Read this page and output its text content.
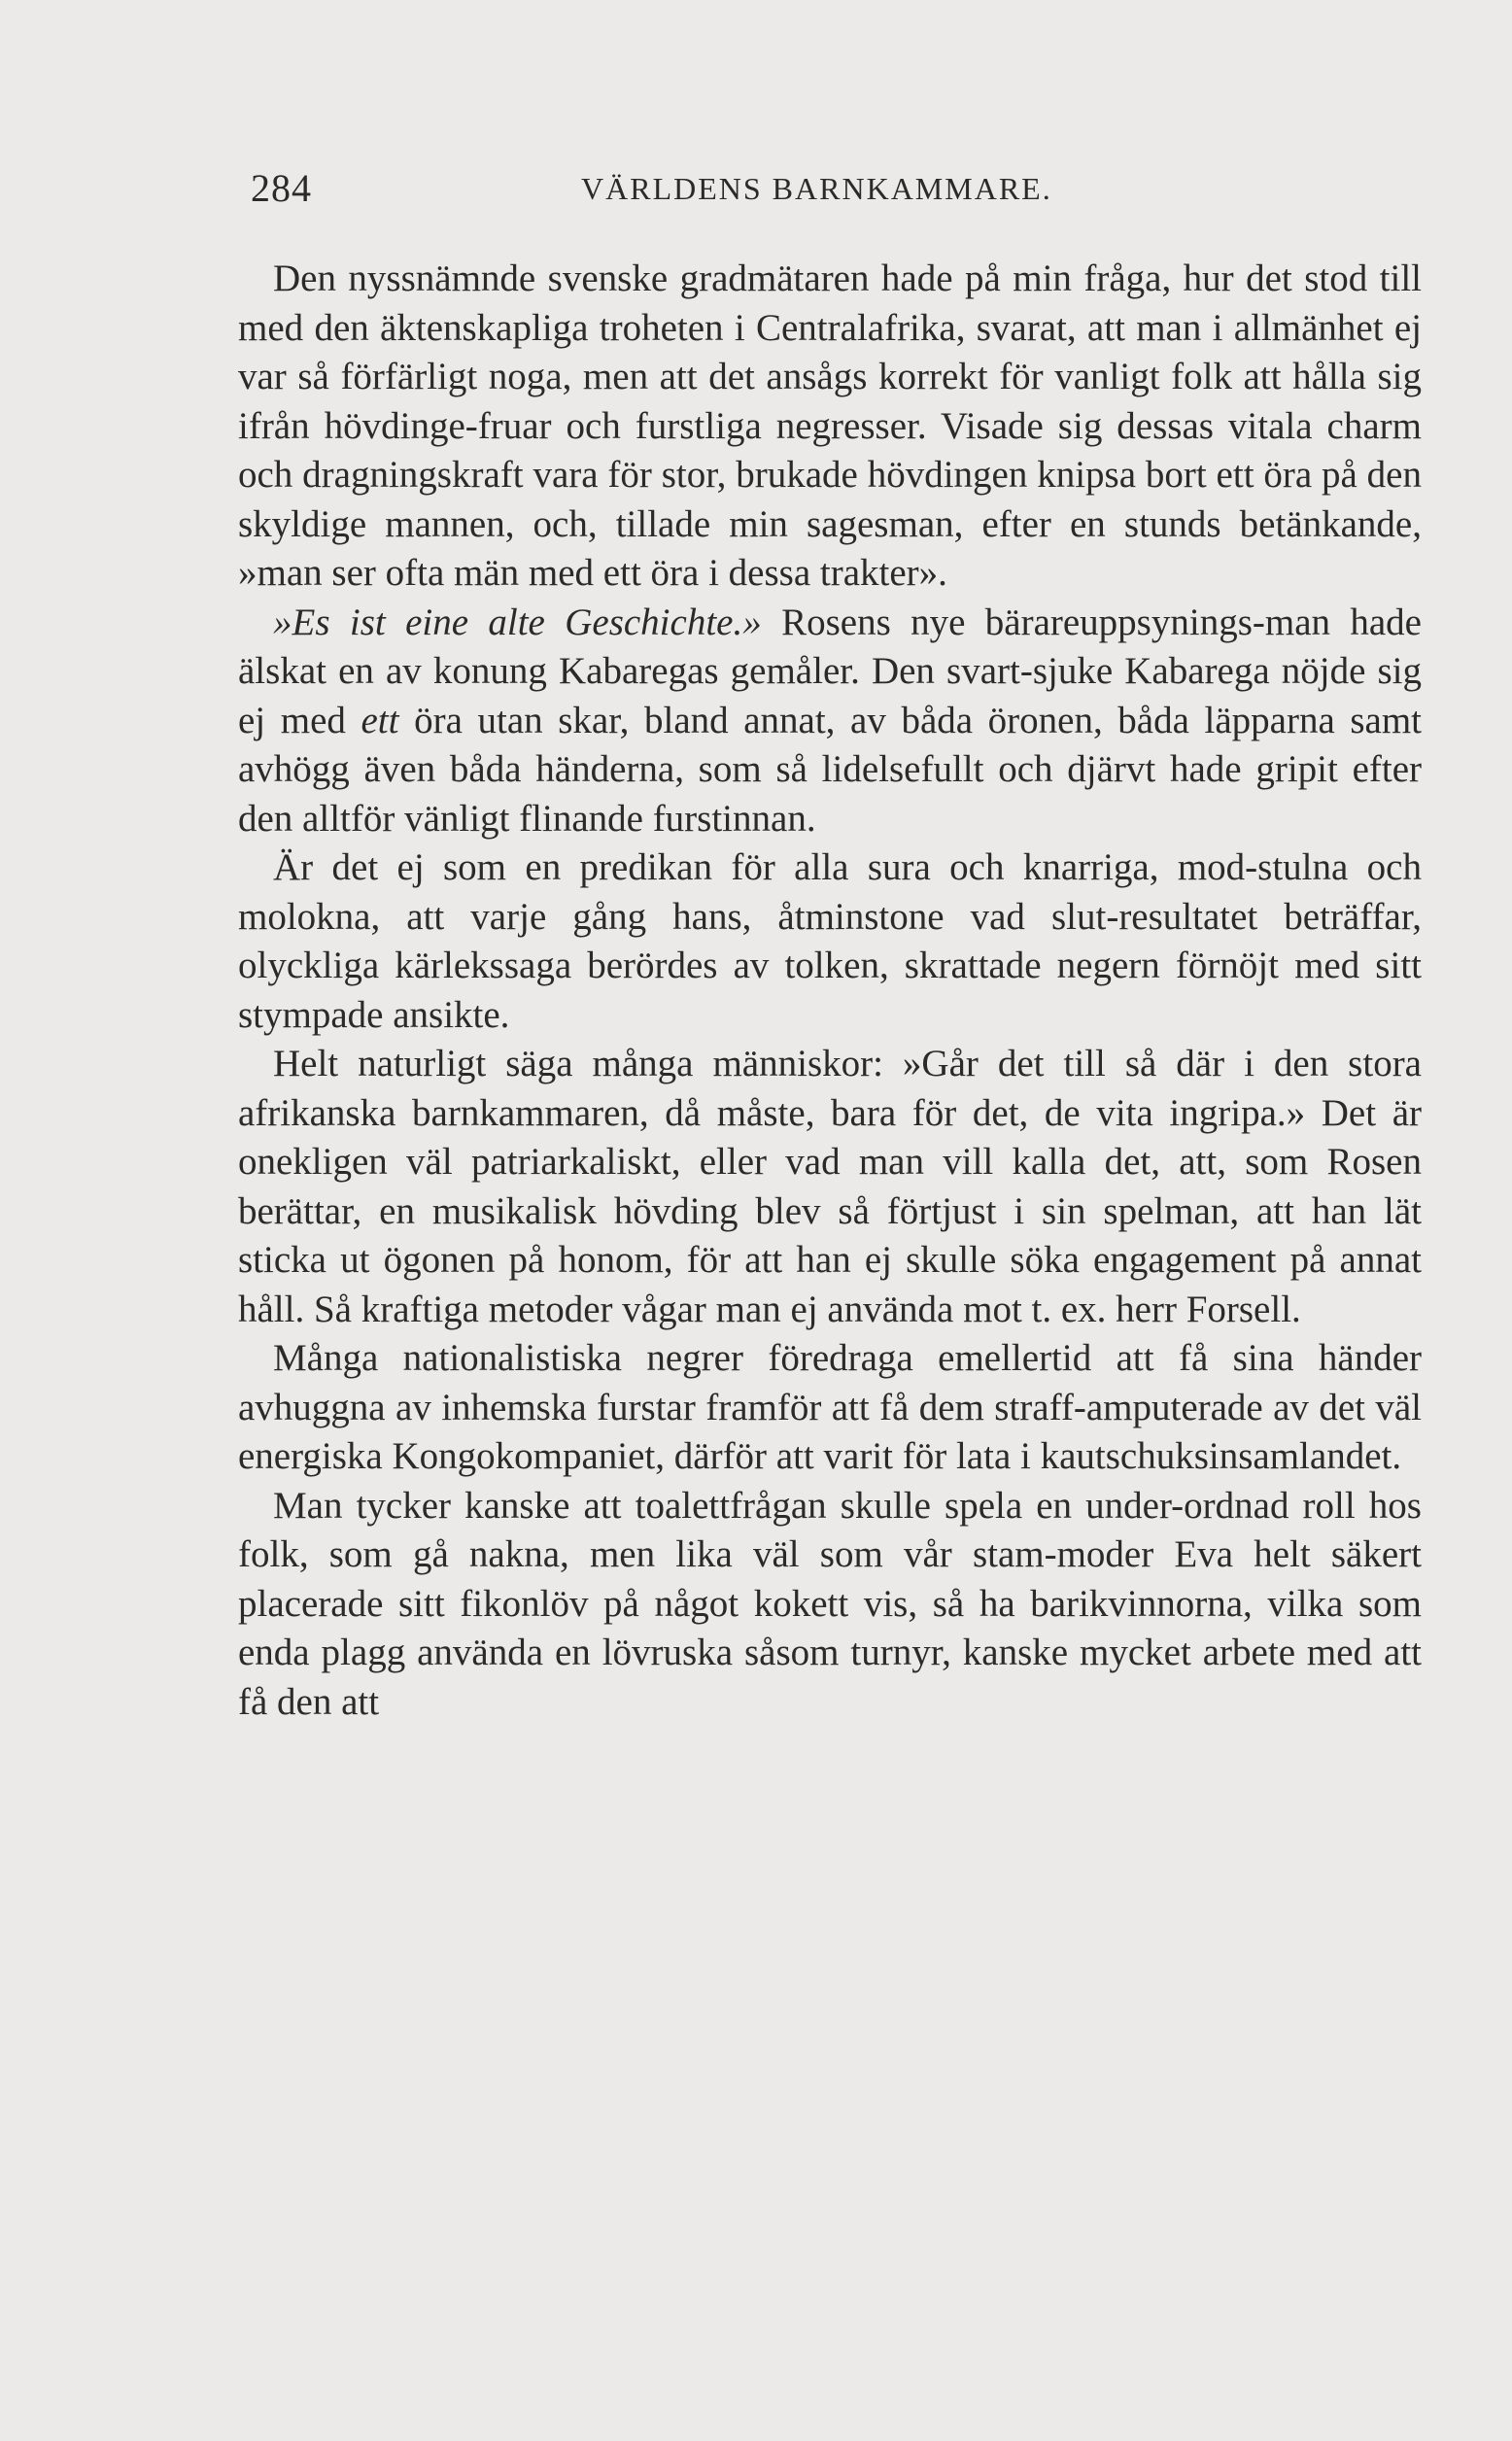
284	VÄRLDENS BARNKAMMARE.

Den nyssnämnde svenske gradmätaren hade på min fråga, hur det stod till med den äktenskapliga troheten i Centralafrika, svarat, att man i allmänhet ej var så förfärligt noga, men att det ansågs korrekt för vanligt folk att hålla sig ifrån hövdinge-fruar och furstliga negresser. Visade sig dessas vitala charm och dragningskraft vara för stor, brukade hövdingen knipsa bort ett öra på den skyldige mannen, och, tillade min sagesman, efter en stunds betänkande, »man ser ofta män med ett öra i dessa trakter».

»Es ist eine alte Geschichte.» Rosens nye bärareuppsynings-man hade älskat en av konung Kabaregas gemåler. Den svart-sjuke Kabarega nöjde sig ej med ett öra utan skar, bland annat, av båda öronen, båda läpparna samt avhögg även båda händerna, som så lidelsefullt och djärvt hade gripit efter den alltför vänligt flinande furstinnan.

Är det ej som en predikan för alla sura och knarriga, mod-stulna och molokna, att varje gång hans, åtminstone vad slut-resultatet beträffar, olyckliga kärlekssaga berördes av tolken, skrattade negern förnöjt med sitt stympade ansikte.

Helt naturligt säga många människor: »Går det till så där i den stora afrikanska barnkammaren, då måste, bara för det, de vita ingripa.» Det är onekligen väl patriarkaliskt, eller vad man vill kalla det, att, som Rosen berättar, en musikalisk hövding blev så förtjust i sin spelman, att han lät sticka ut ögonen på honom, för att han ej skulle söka engagement på annat håll. Så kraftiga metoder vågar man ej använda mot t. ex. herr Forsell.

Många nationalistiska negrer föredraga emellertid att få sina händer avhuggna av inhemska furstar framför att få dem straff-amputerade av det väl energiska Kongokompaniet, därför att varit för lata i kautschuksinsamlandet.

Man tycker kanske att toalettfrågan skulle spela en under-ordnad roll hos folk, som gå nakna, men lika väl som vår stam-moder Eva helt säkert placerade sitt fikonlöv på något kokett vis, så ha barikvinnorna, vilka som enda plagg använda en lövruska såsom turnyr, kanske mycket arbete med att få den att
